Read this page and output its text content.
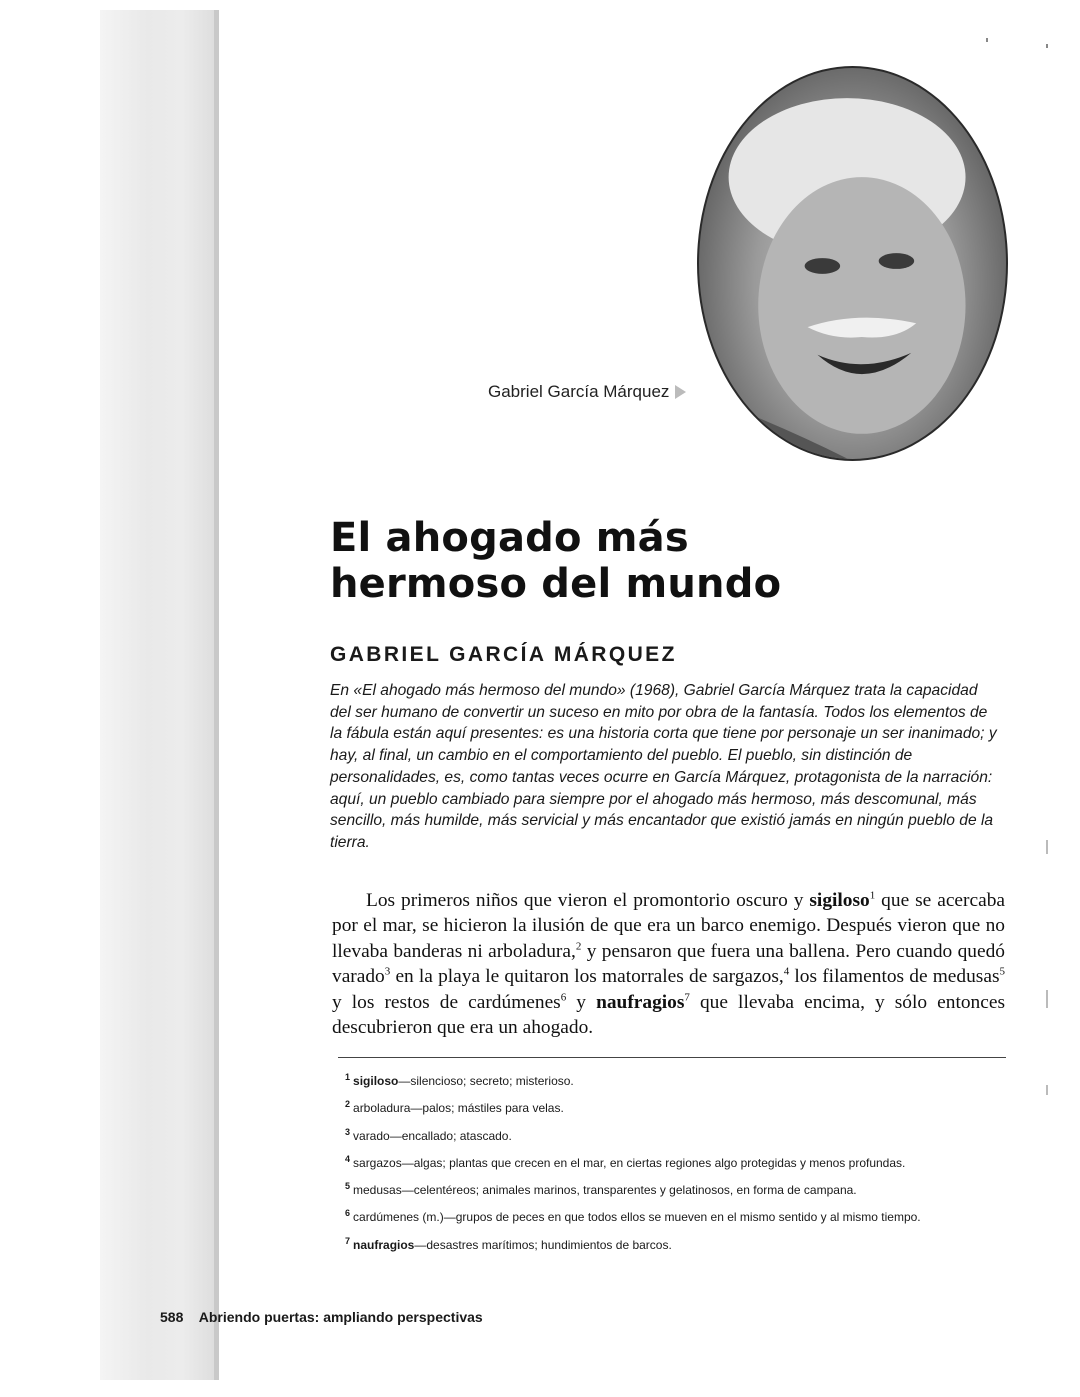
Gabriel García Márquez
El ahogado más
hermoso del mundo
GABRIEL GARCÍA MÁRQUEZ

En «El ahogado más hermoso del mundo» (1968), Gabriel García Márquez trata la capacidad del ser humano de convertir un suceso en mito por obra de la fantasía. Todos los elementos de la fábula están aquí presentes: es una historia corta que tiene por personaje un ser inanimado; y hay, al final, un cambio en el comportamiento del pueblo. El pueblo, sin distinción de personalidades, es, como tantas veces ocurre en García Márquez, protagonista de la narración: aquí, un pueblo cambiado para siempre por el ahogado más hermoso, más descomunal, más sencillo, más humilde, más servicial y más encantador que existió jamás en ningún pueblo de la tierra.

Los primeros niños que vieron el promontorio oscuro y sigiloso$^1$ que se acercaba por el mar, se hicieron la ilusión de que era un barco enemigo. Después vieron que no llevaba banderas ni arboladura,$^2$ y pensaron que fuera una ballena. Pero cuando quedó varado$^3$ en la playa le quitaron los matorrales de sargazos,$^4$ los filamentos de medusas$^5$ y los restos de cardúmenes$^6$ y naufragios$^7$ que llevaba encima, y sólo entonces descubrieron que era un ahogado.

$^1$ sigiloso—silencioso; secreto; misterioso.
$^2$ arboladura—palos; mástiles para velas.
$^3$ varado—encallado; atascado.
$^4$ sargazos—algas; plantas que crecen en el mar, en ciertas regiones algo protegidas y menos profundas.
$^5$ medusas—celentéreos; animales marinos, transparentes y gelatinosos, en forma de campana.
$^6$ cardúmenes (m.)—grupos de peces en que todos ellos se mueven en el mismo sentido y al mismo tiempo.
$^7$ naufragios—desastres marítimos; hundimientos de barcos.
588 Abriendo puertas: ampliando perspectivas
